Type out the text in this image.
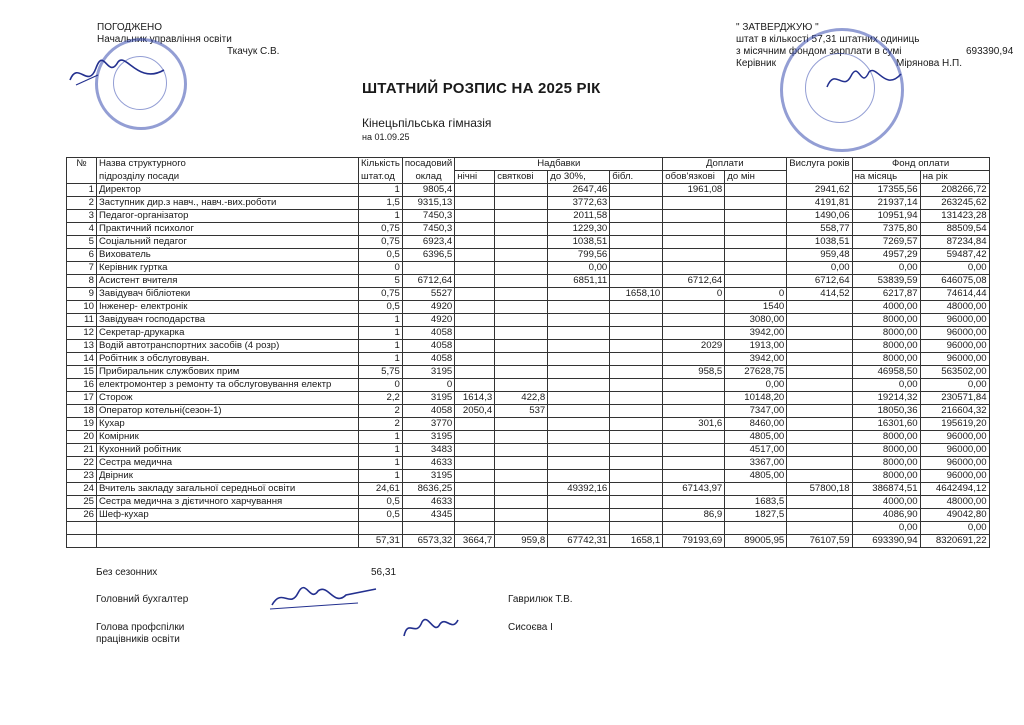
ПОГОДЖЕНО
Начальник управління освіти
Ткачук С.В.
" ЗАТВЕРДЖУЮ "
штат в кількості 57,31 штатних одиниць
з місячним фондом зарплати в сумі	693390,94
Керівник	Мірянова Н.П.
ШТАТНИЙ РОЗПИС НА 2025 РІК
Кінецьпільська гімназія
на 01.09.25
№	Назва структурного	Кількість	посадовий	Надбавки				Доплати		Вислуга років	Фонд оплати	
	підрозділу посади	штат.од	оклад	нічні	святкові	до 30%,	бібл.	обов'язкові	до мін		на місяць	на рік
1	Директор	1	9805,4			2647,46		1961,08		2941,62	17355,56	208266,72
2	Заступник дир.з навч., навч.-вих.роботи	1,5	9315,13			3772,63				4191,81	21937,14	263245,62
3	Педагог-організатор	1	7450,3			2011,58				1490,06	10951,94	131423,28
4	Практичний психолог	0,75	7450,3			1229,30				558,77	7375,80	88509,54
5	Соціальний педагог	0,75	6923,4			1038,51				1038,51	7269,57	87234,84
6	Вихователь	0,5	6396,5			799,56				959,48	4957,29	59487,42
7	Керівник гуртка	0				0,00				0,00	0,00	0,00
8	Асистент вчителя	5	6712,64			6851,11		6712,64		6712,64	53839,59	646075,08
9	Завідувач бібліотеки	0,75	5527				1658,10	0	0	414,52	6217,87	74614,44
10	Інженер- електронік	0,5	4920						1540		4000,00	48000,00
11	Завідувач господарства	1	4920						3080,00		8000,00	96000,00
12	Секретар-друкарка	1	4058						3942,00		8000,00	96000,00
13	Водій автотранспортних засобів (4 розр)	1	4058					2029	1913,00		8000,00	96000,00
14	Робітник з обслуговуван.	1	4058						3942,00		8000,00	96000,00
15	Прибиральник службових прим	5,75	3195					958,5	27628,75		46958,50	563502,00
16	електромонтер з ремонту та обслуговування електр	0	0						0,00		0,00	0,00
17	Сторож	2,2	3195	1614,3	422,8				10148,20		19214,32	230571,84
18	Оператор котельні(сезон-1)	2	4058	2050,4	537				7347,00		18050,36	216604,32
19	Кухар	2	3770					301,6	8460,00		16301,60	195619,20
20	Комірник	1	3195						4805,00		8000,00	96000,00
21	Кухонний робітник	1	3483						4517,00		8000,00	96000,00
22	Сестра медична	1	4633						3367,00		8000,00	96000,00
23	Двірник	1	3195						4805,00		8000,00	96000,00
24	Вчитель закладу загальної середньої освіти	24,61	8636,25			49392,16		67143,97		57800,18	386874,51	4642494,12
25	Сестра медична з дієтичного харчування	0,5	4633						1683,5		4000,00	48000,00
26	Шеф-кухар	0,5	4345					86,9	1827,5		4086,90	49042,80
											0,00	0,00
		57,31	6573,32	3664,7	959,8	67742,31	1658,1	79193,69	89005,95	76107,59	693390,94	8320691,22
Без сезонних	56,31
Головний бухгалтер	Гаврилюк Т.В.
Голова профспілки
працівників освіти
Сисоєва І
